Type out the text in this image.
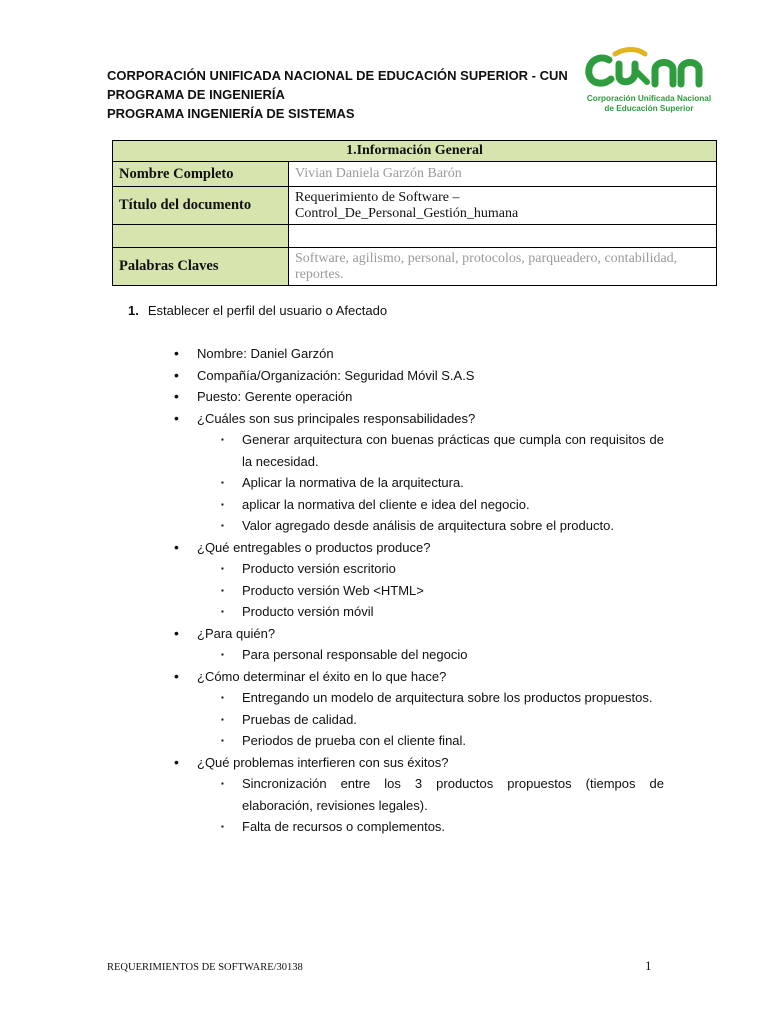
CORPORACIÓN UNIFICADA NACIONAL DE EDUCACIÓN SUPERIOR - CUN
PROGRAMA DE INGENIERÍA
PROGRAMA INGENIERÍA DE SISTEMAS
Corporación Unificada Nacional
de Educación Superior
1.Información General	
Nombre Completo	Vivian Daniela Garzón Barón
Título del documento	Requerimiento de Software –
Control_De_Personal_Gestión_humana

Palabras Claves	Software, agilismo, personal, protocolos, parqueadero, contabilidad, reportes.
1. Establecer el perfil del usuario o Afectado
• Nombre: Daniel Garzón
• Compañía/Organización: Seguridad Móvil S.A.S
• Puesto: Gerente operación
• ¿Cuáles son sus principales responsabilidades?
▪ Generar arquitectura con buenas prácticas que cumpla con requisitos de la necesidad.
▪ Aplicar la normativa de la arquitectura.
▪ aplicar la normativa del cliente e idea del negocio.
▪ Valor agregado desde análisis de arquitectura sobre el producto.
• ¿Qué entregables o productos produce?
▪ Producto versión escritorio
▪ Producto versión Web <HTML>
▪ Producto versión móvil
• ¿Para quién?
▪ Para personal responsable del negocio
• ¿Cómo determinar el éxito en lo que hace?
▪ Entregando un modelo de arquitectura sobre los productos propuestos.
▪ Pruebas de calidad.
▪ Periodos de prueba con el cliente final.
• ¿Qué problemas interfieren con sus éxitos?
▪ Sincronización entre los 3 productos propuestos (tiempos de elaboración, revisiones legales).
▪ Falta de recursos o complementos.
REQUERIMIENTOS DE SOFTWARE/30138	1
